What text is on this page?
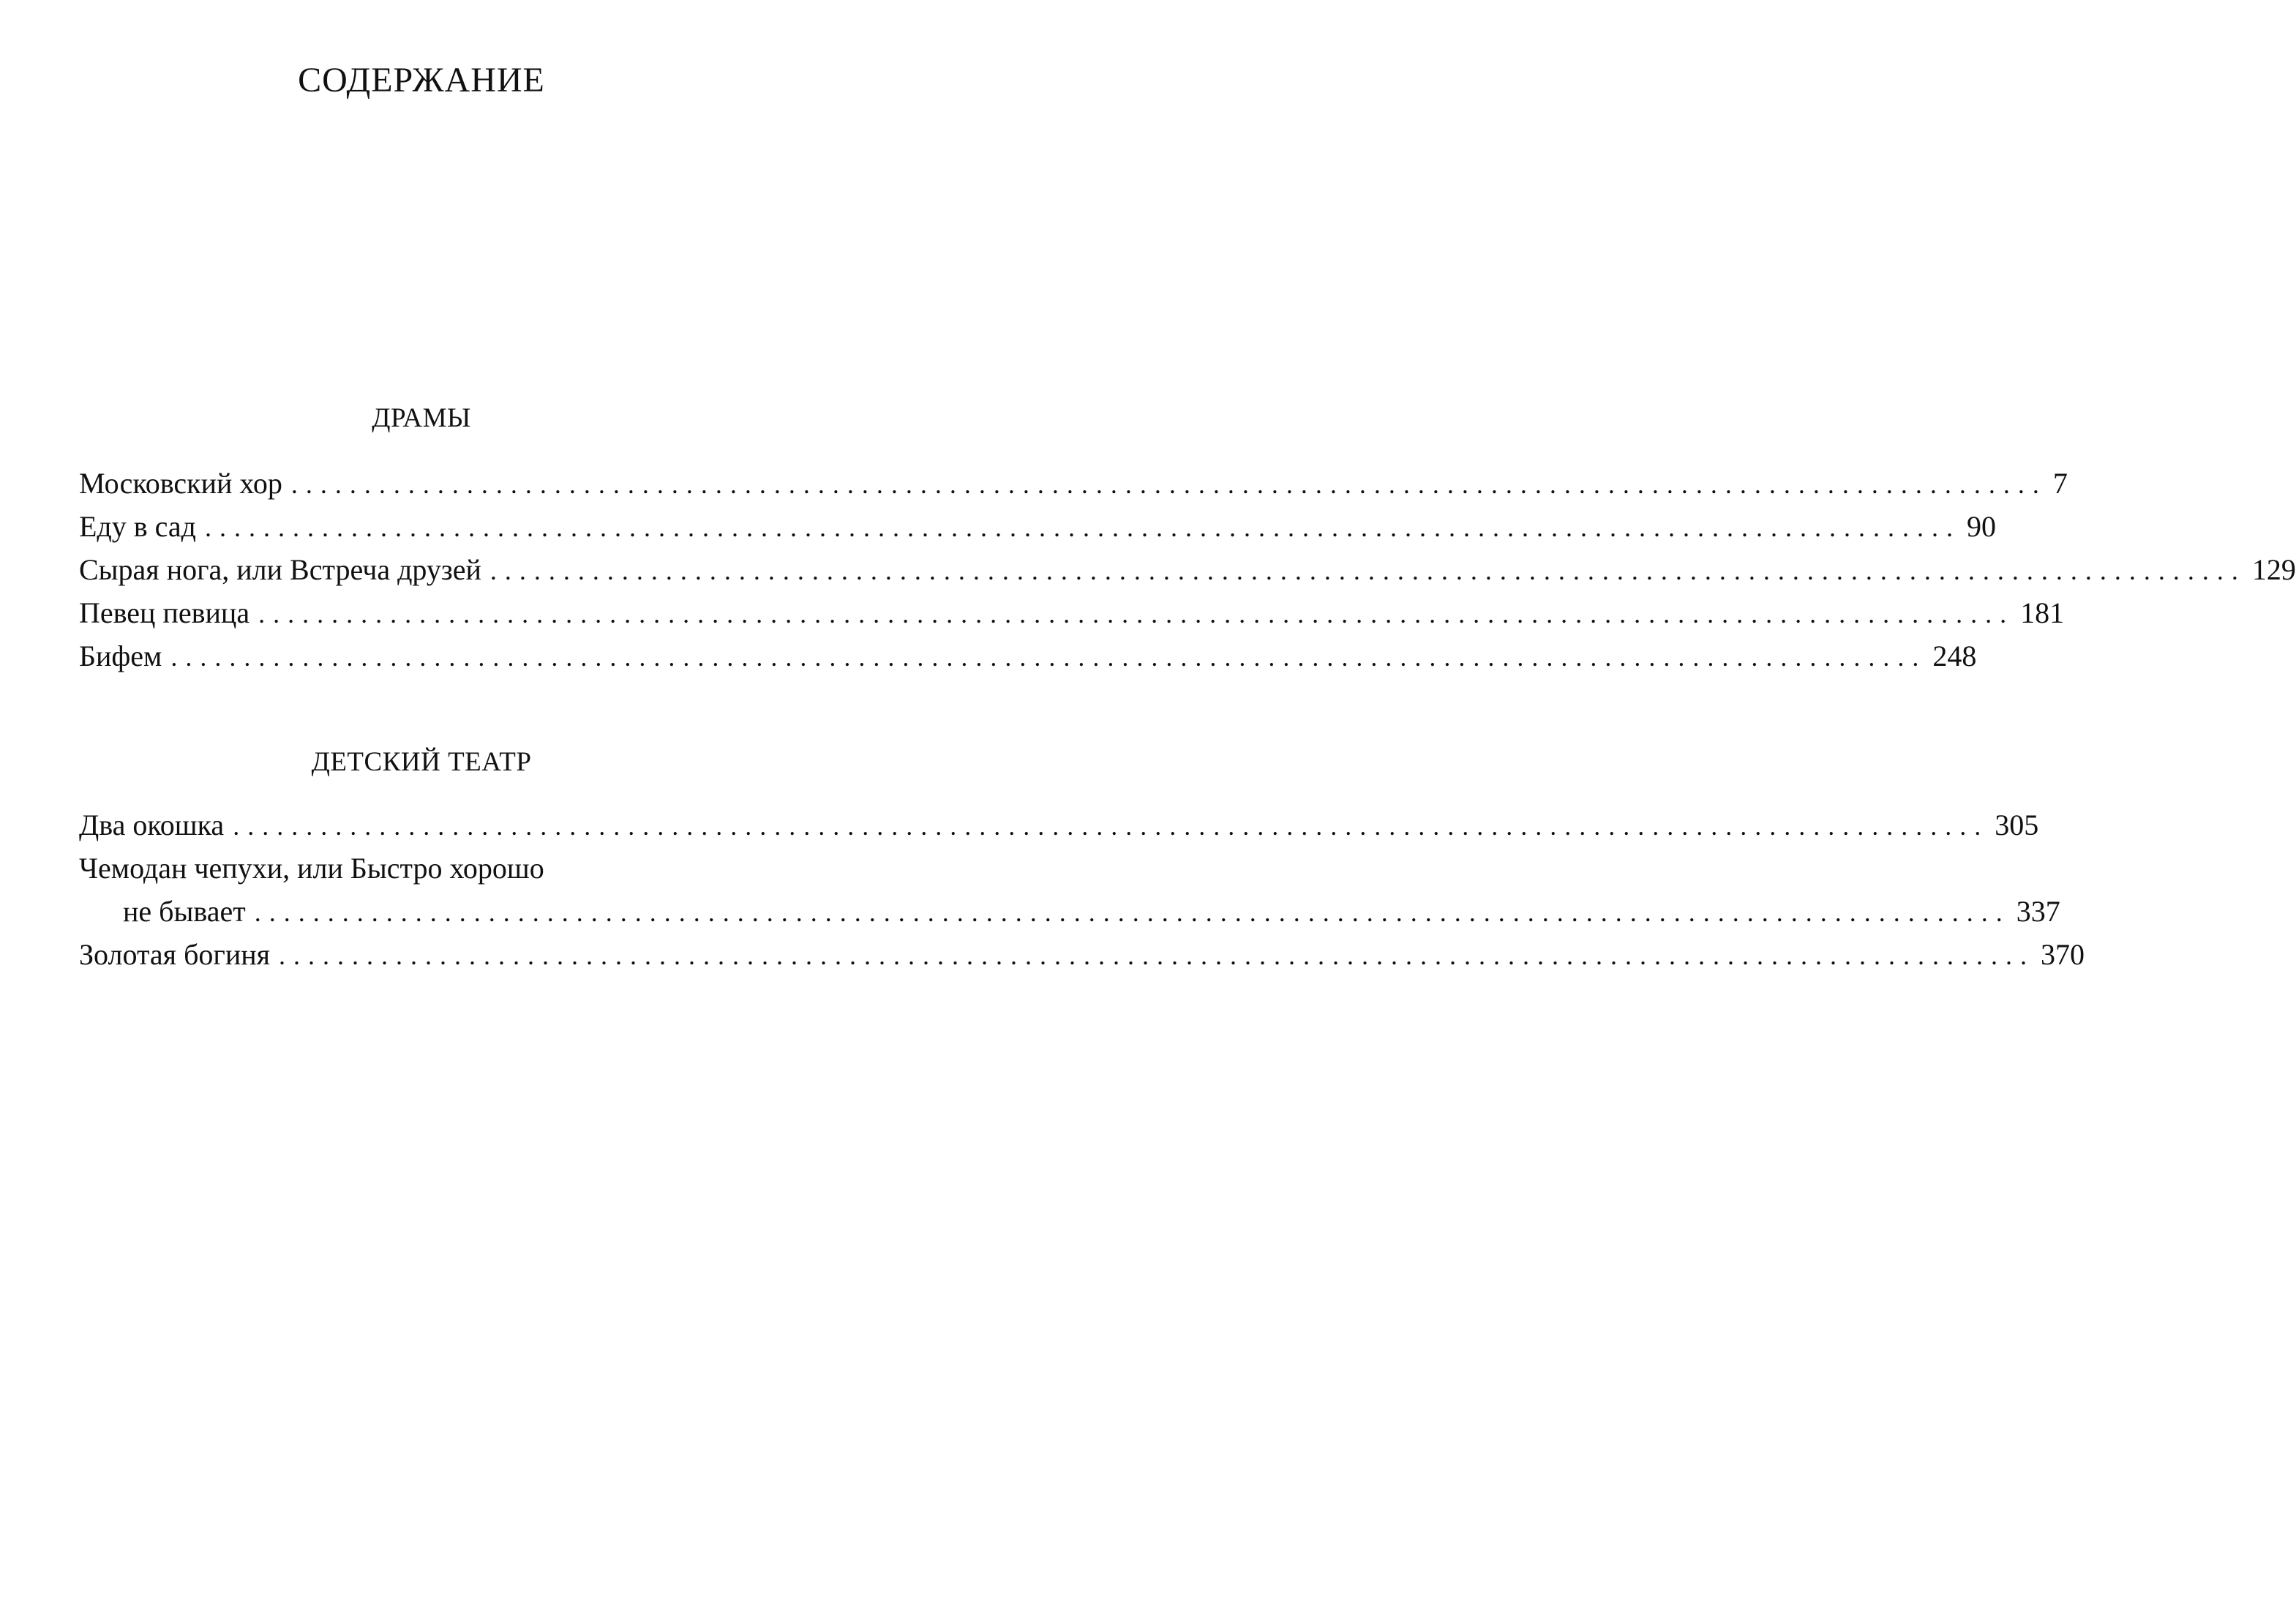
СОДЕРЖАНИЕ
ДРАМЫ
Московский хор ........................................................................................................................ 7
Еду в сад ........................................................................................................................ 90
Сырая нога, или Встреча друзей ........................................................................................................................ 129
Певец певица ........................................................................................................................ 181
Бифем ........................................................................................................................ 248
ДЕТСКИЙ ТЕАТР
Два окошка ........................................................................................................................ 305
Чемодан чепухи, или Быстро хорошо
не бывает ........................................................................................................................ 337
Золотая богиня ........................................................................................................................ 370
